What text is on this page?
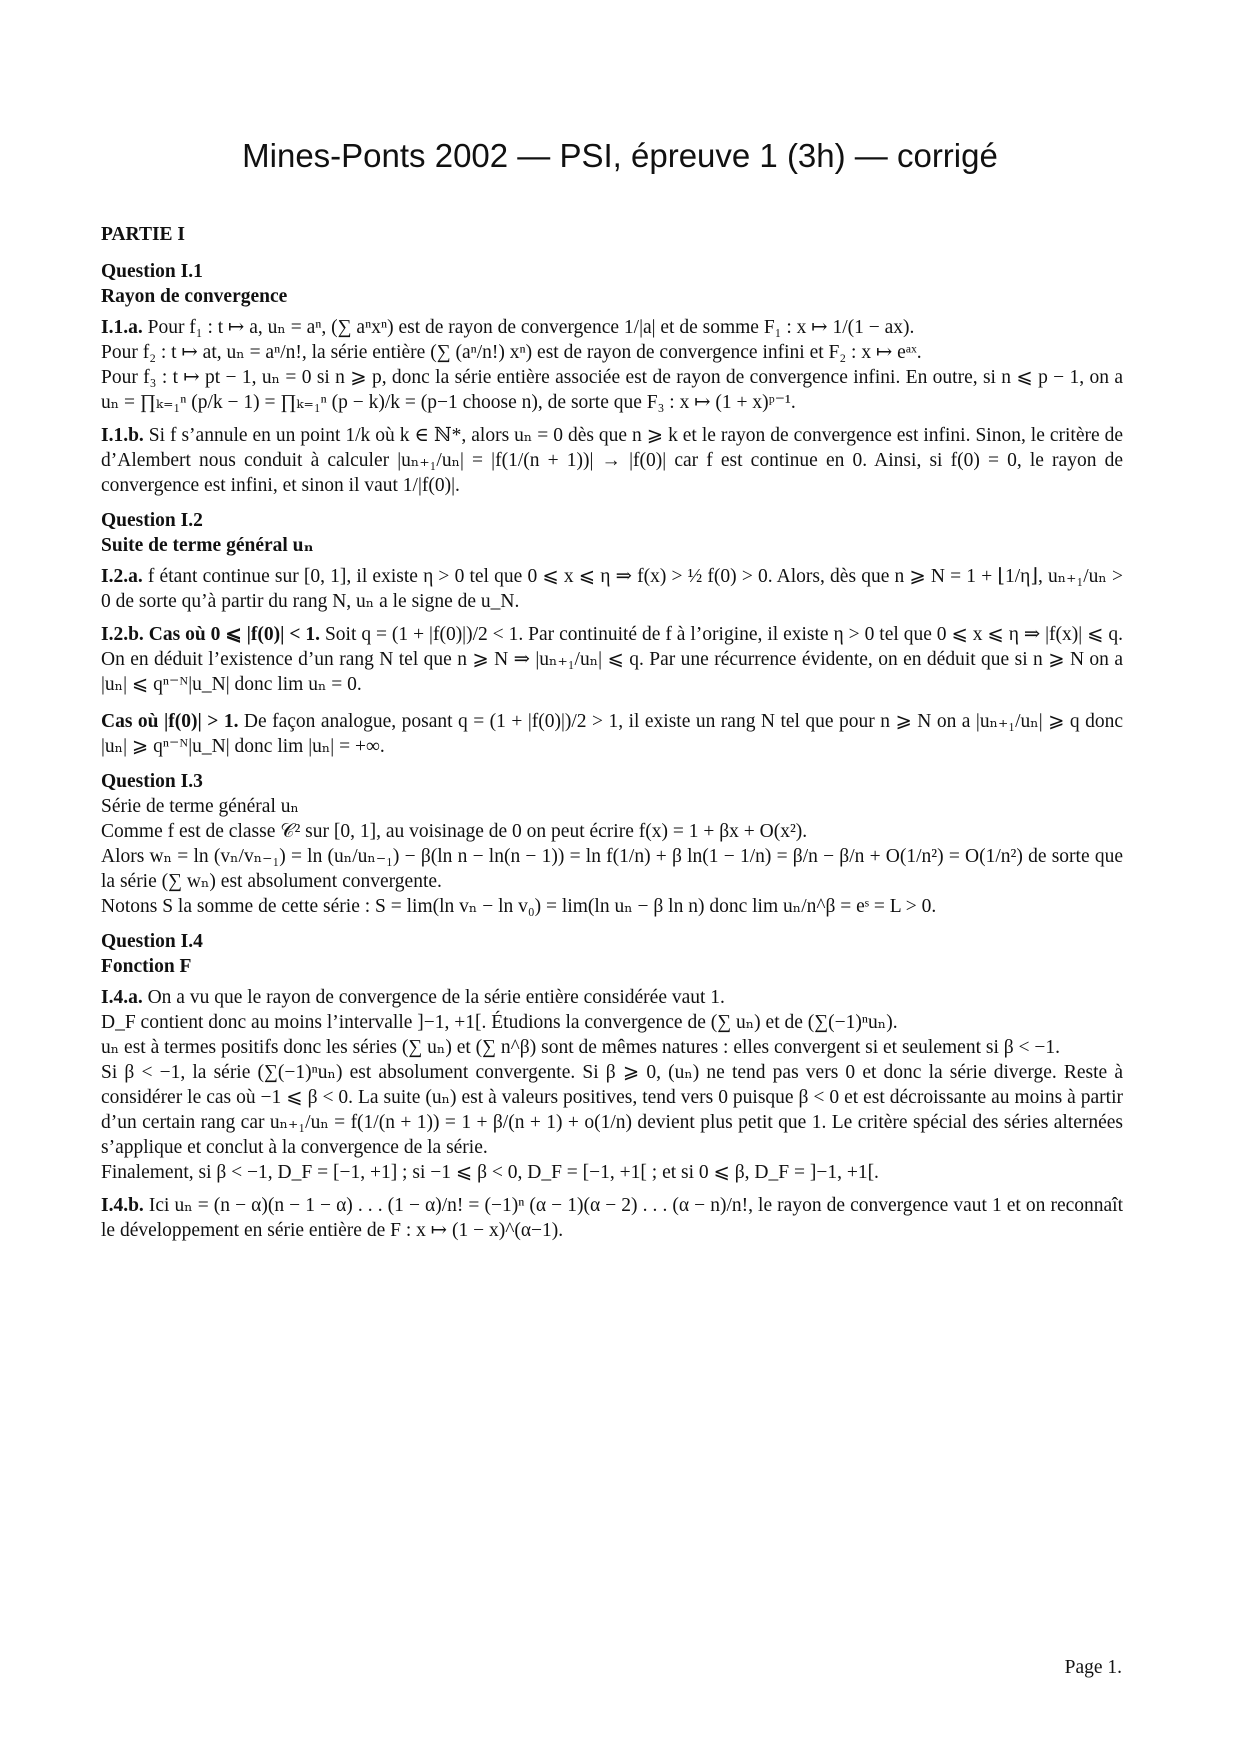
Mines-Ponts 2002 — PSI, épreuve 1 (3h) — corrigé
PARTIE I
Question I.1
Rayon de convergence

I.1.a. Pour f₁ : t ↦ a, uₙ = aⁿ, (∑ aⁿxⁿ) est de rayon de convergence 1/|a| et de somme F₁ : x ↦ 1/(1 − ax).
Pour f₂ : t ↦ at, uₙ = aⁿ/n!, la série entière (∑ (aⁿ/n!) xⁿ) est de rayon de convergence infini et F₂ : x ↦ eᵃˣ.
Pour f₃ : t ↦ pt − 1, uₙ = 0 si n ⩾ p, donc la série entière associée est de rayon de convergence infini. En outre, si n ⩽ p − 1, on a uₙ = ∏ₖ₌₁ⁿ (p/k − 1) = ∏ₖ₌₁ⁿ (p − k)/k = (p−1 choose n), de sorte que F₃ : x ↦ (1 + x)ᵖ⁻¹.

I.1.b. Si f s’annule en un point 1/k où k ∈ ℕ*, alors uₙ = 0 dès que n ⩾ k et le rayon de convergence est infini. Sinon, le critère de d’Alembert nous conduit à calculer |uₙ₊₁/uₙ| = |f(1/(n + 1))| → |f(0)| car f est continue en 0. Ainsi, si f(0) = 0, le rayon de convergence est infini, et sinon il vaut 1/|f(0)|.

Question I.2
Suite de terme général uₙ

I.2.a. f étant continue sur [0, 1], il existe η > 0 tel que 0 ⩽ x ⩽ η ⇒ f(x) > ½ f(0) > 0. Alors, dès que n ⩾ N = 1 + ⌊1/η⌋, uₙ₊₁/uₙ > 0 de sorte qu’à partir du rang N, uₙ a le signe de u_N.

I.2.b. Cas où 0 ⩽ |f(0)| < 1. Soit q = (1 + |f(0)|)/2 < 1. Par continuité de f à l’origine, il existe η > 0 tel que 0 ⩽ x ⩽ η ⇒ |f(x)| ⩽ q. On en déduit l’existence d’un rang N tel que n ⩾ N ⇒ |uₙ₊₁/uₙ| ⩽ q. Par une récurrence évidente, on en déduit que si n ⩾ N on a |uₙ| ⩽ qⁿ⁻ᴺ|u_N| donc lim uₙ = 0.

Cas où |f(0)| > 1. De façon analogue, posant q = (1 + |f(0)|)/2 > 1, il existe un rang N tel que pour n ⩾ N on a |uₙ₊₁/uₙ| ⩾ q donc |uₙ| ⩾ qⁿ⁻ᴺ|u_N| donc lim |uₙ| = +∞.

Question I.3
Série de terme général uₙ

Comme f est de classe 𝒞² sur [0, 1], au voisinage de 0 on peut écrire f(x) = 1 + βx + O(x²).
Alors wₙ = ln (vₙ/vₙ₋₁) = ln (uₙ/uₙ₋₁) − β(ln n − ln(n − 1)) = ln f(1/n) + β ln(1 − 1/n) = β/n − β/n + O(1/n²) = O(1/n²) de sorte que la série (∑ wₙ) est absolument convergente.
Notons S la somme de cette série : S = lim(ln vₙ − ln v₀) = lim(ln uₙ − β ln n) donc lim uₙ/n^β = eˢ = L > 0.

Question I.4
Fonction F

I.4.a. On a vu que le rayon de convergence de la série entière considérée vaut 1.
D_F contient donc au moins l’intervalle ]−1, +1[. Étudions la convergence de (∑ uₙ) et de (∑(−1)ⁿuₙ).
uₙ est à termes positifs donc les séries (∑ uₙ) et (∑ n^β) sont de mêmes natures : elles convergent si et seulement si β < −1.
Si β < −1, la série (∑(−1)ⁿuₙ) est absolument convergente. Si β ⩾ 0, (uₙ) ne tend pas vers 0 et donc la série diverge. Reste à considérer le cas où −1 ⩽ β < 0. La suite (uₙ) est à valeurs positives, tend vers 0 puisque β < 0 et est décroissante au moins à partir d’un certain rang car uₙ₊₁/uₙ = f(1/(n + 1)) = 1 + β/(n + 1) + o(1/n) devient plus petit que 1. Le critère spécial des séries alternées s’applique et conclut à la convergence de la série.
Finalement, si β < −1, D_F = [−1, +1] ; si −1 ⩽ β < 0, D_F = [−1, +1[ ; et si 0 ⩽ β, D_F = ]−1, +1[.

I.4.b. Ici uₙ = (n − α)(n − 1 − α) . . . (1 − α)/n! = (−1)ⁿ (α − 1)(α − 2) . . . (α − n)/n!, le rayon de convergence vaut 1 et on reconnaît le développement en série entière de F : x ↦ (1 − x)^(α−1).

Page 1.
